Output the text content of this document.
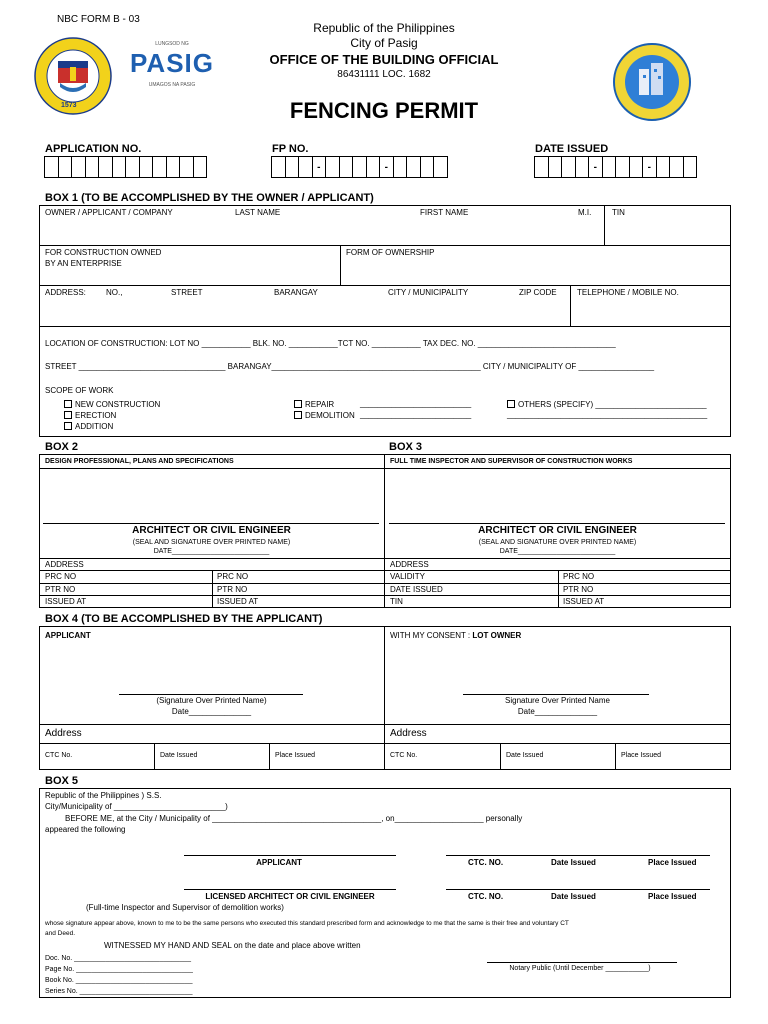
NBC FORM B - 03
1573
LUNGSOD NG
PASIG
UMAGOS NA PASIG
Republic of the Philippines
City of Pasig
OFFICE OF THE BUILDING OFFICIAL
86431111 LOC. 1682
FENCING PERMIT
APPLICATION NO.	FP NO.
-	-
DATE ISSUED
-	-
BOX 1 (TO BE ACCOMPLISHED BY THE OWNER / APPLICANT)
OWNER / APPLICANT / COMPANY	LAST NAME	FIRST NAME	M.I.	TIN
FOR CONSTRUCTION OWNED
BY AN ENTERPRISE
FORM OF OWNERSHIP
ADDRESS:	NO.,	STREET	BARANGAY	CITY / MUNICIPALITY	ZIP CODE	TELEPHONE / MOBILE NO.
LOCATION OF CONSTRUCTION: LOT NO ___________ BLK. NO. ___________TCT NO. ___________ TAX DEC. NO. _______________________________
STREET _________________________________ BARANGAY_______________________________________________ CITY / MUNICIPALITY OF _________________
SCOPE OF WORK
NEW CONSTRUCTION
ERECTION
ADDITION
REPAIR
DEMOLITION
_________________________
_________________________
OTHERS (SPECIFY) _________________________
_____________________________________________
BOX 2	BOX 3
DESIGN PROFESSIONAL, PLANS AND SPECIFICATIONS	FULL TIME INSPECTOR AND SUPERVISOR OF CONSTRUCTION WORKS
ARCHITECT OR CIVIL ENGINEER
(SEAL AND SIGNATURE OVER PRINTED NAME)
DATE_________________________
ARCHITECT OR CIVIL ENGINEER
(SEAL AND SIGNATURE OVER PRINTED NAME)
DATE_________________________
ADDRESS
PRC NO	PRC NO
PTR NO	PTR NO
ISSUED AT	ISSUED AT
ADDRESS
VALIDITY	PRC NO
DATE ISSUED	PTR NO
TIN	ISSUED AT
BOX 4 (TO BE ACCOMPLISHED BY THE APPLICANT)
APPLICANT	WITH MY CONSENT : LOT OWNER
(Signature Over Printed Name)
Date______________
Signature Over Printed Name
Date______________
Address	Address
CTC No.	Date Issued	Place Issued	CTC No.	Date Issued	Place Issued
BOX 5
Republic of the Philippines ) S.S.
City/Municipality of _________________________)
BEFORE ME, at the City / Municipality of ______________________________________, on____________________ personally
appeared the following
APPLICANT	CTC. NO.	Date Issued	Place Issued
LICENSED ARCHITECT OR CIVIL ENGINEER	CTC. NO.	Date Issued	Place Issued
(Full-time Inspector and Supervisor of demolition works)
whose signature appear above, known to me to be the same persons who executed this standard prescribed form and acknowledge to me that the same is their free and voluntary CT
and Deed.
WITNESSED MY HAND AND SEAL on the date and place above written
Doc. No. ______________________________
Page No. ______________________________
Book No. ______________________________
Series No. _____________________________
Notary Public (Until December ___________)
